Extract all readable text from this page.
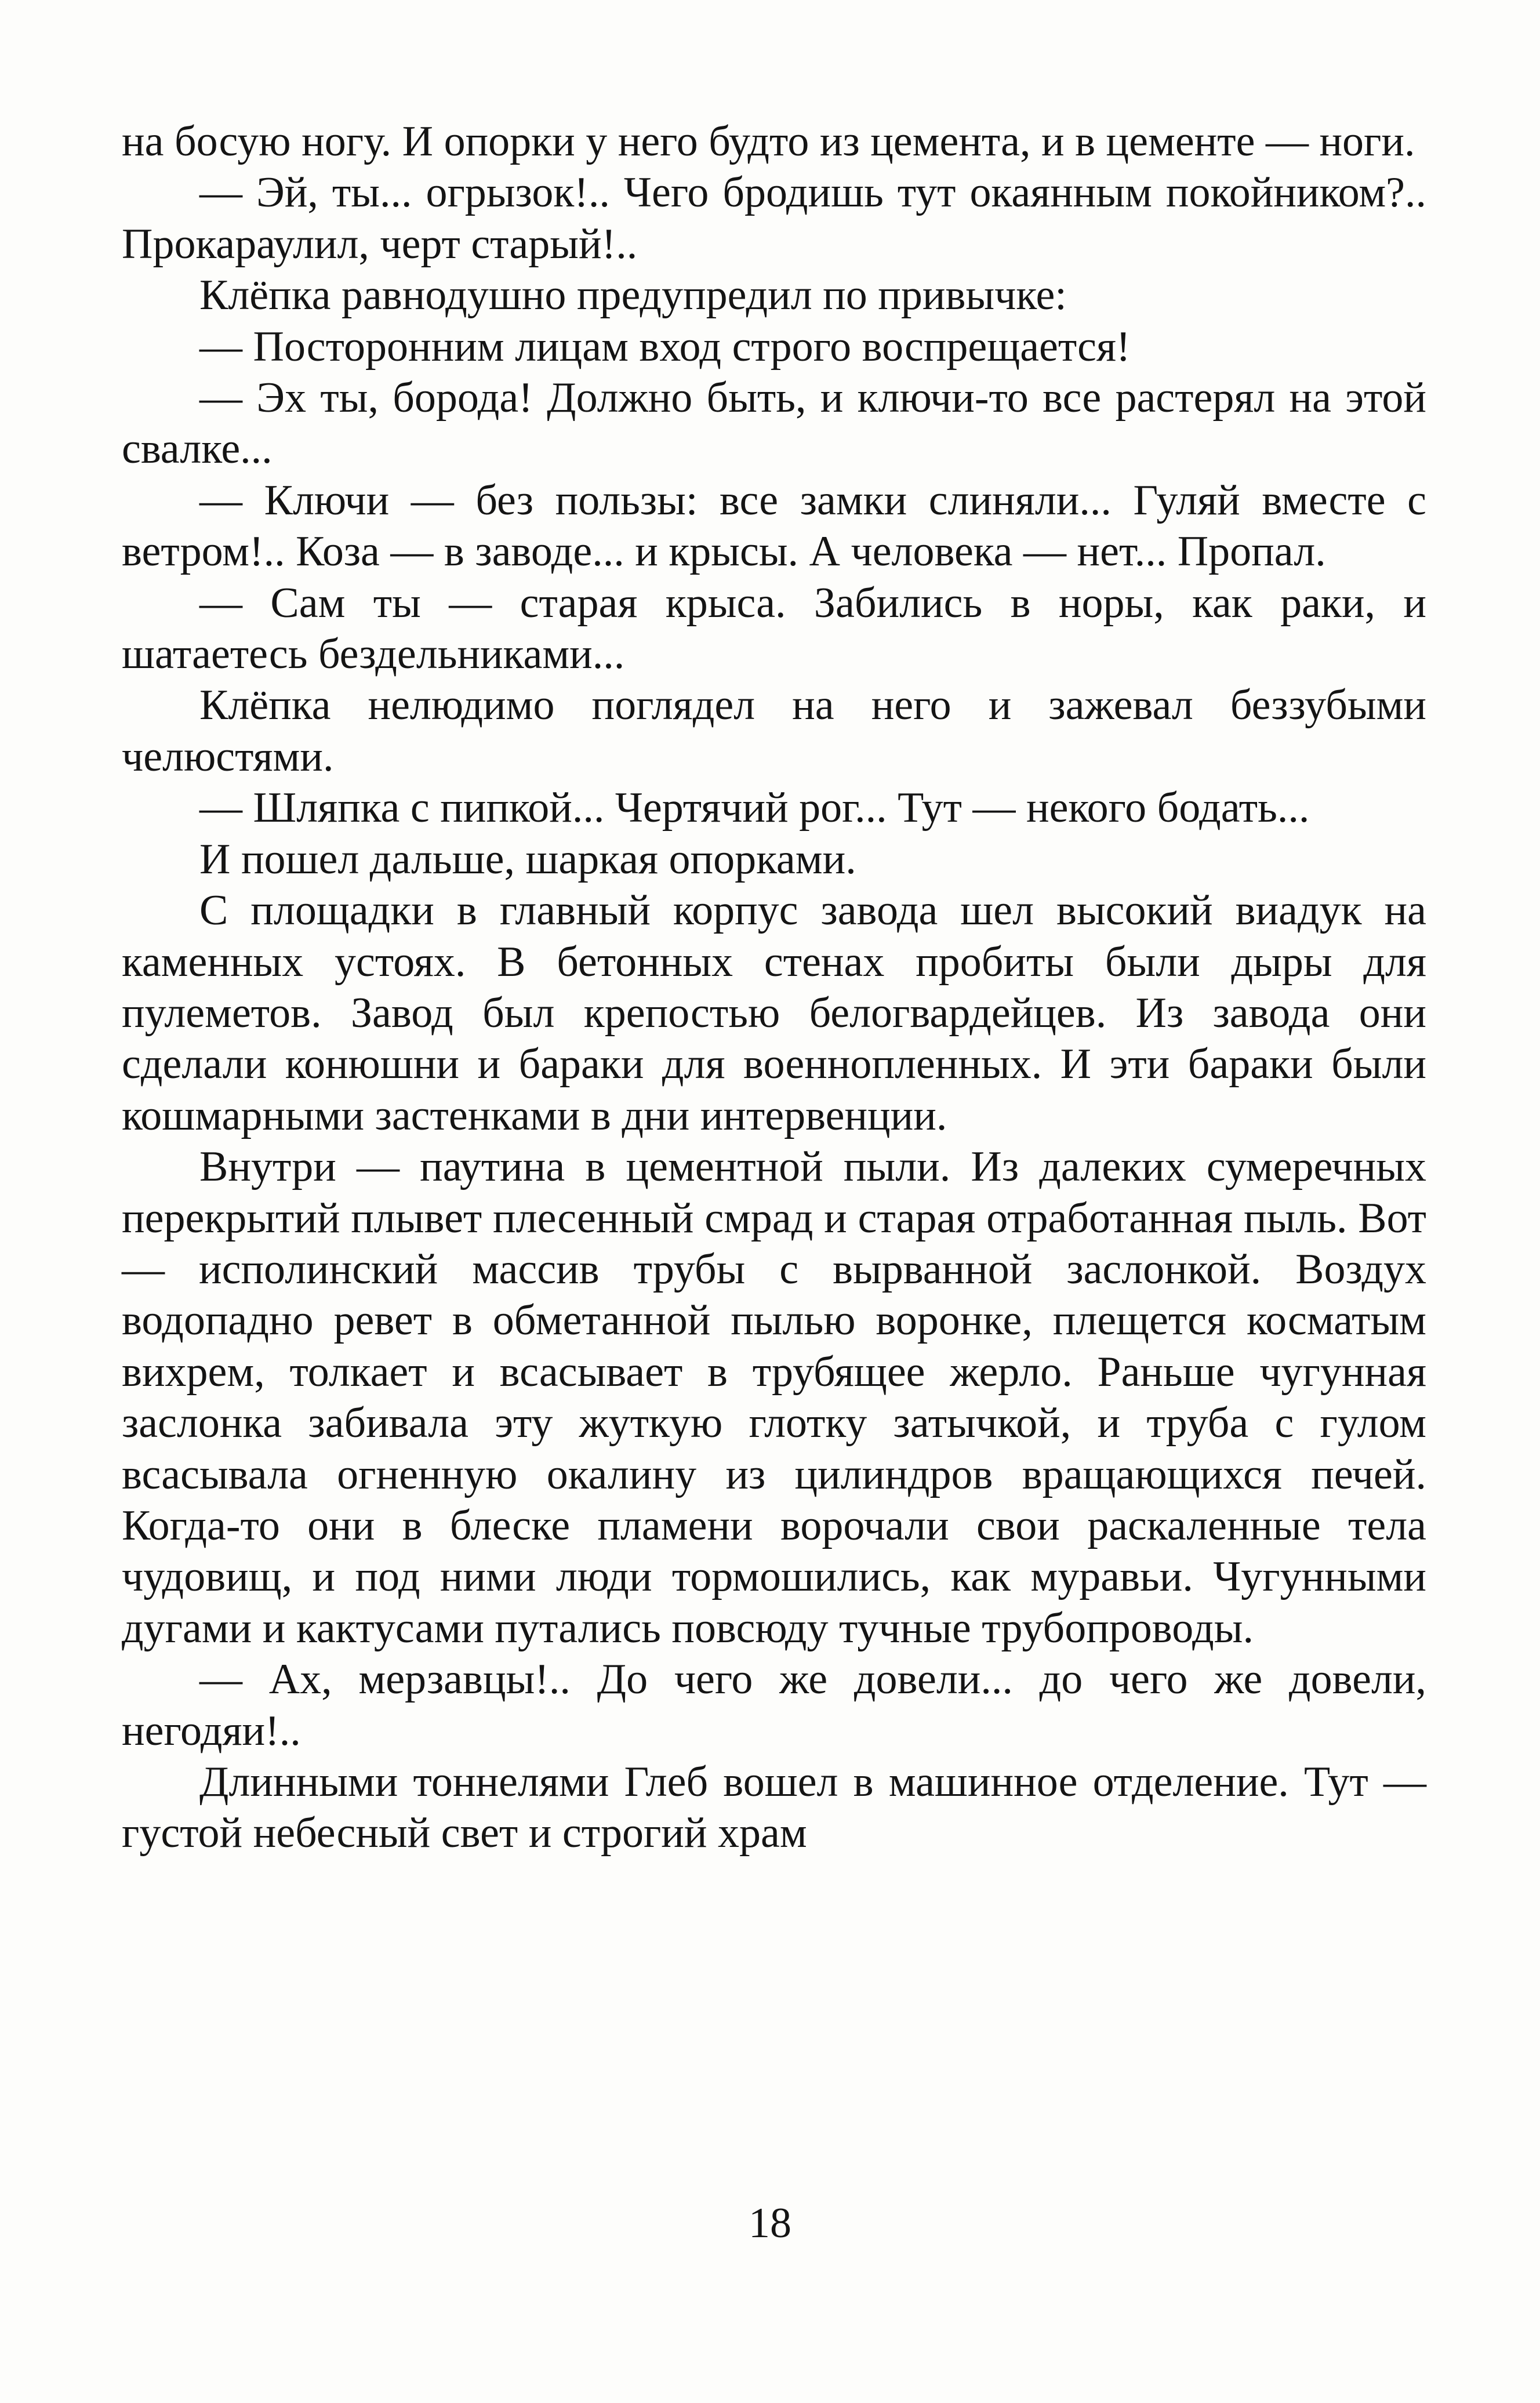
на босую ногу. И опорки у него будто из цемента, и в цементе — ноги.

— Эй, ты... огрызок!.. Чего бродишь тут окаянным покойником?.. Прокараулил, черт старый!..

Клёпка равнодушно предупредил по привычке:

— Посторонним лицам вход строго воспрещается!

— Эх ты, борода! Должно быть, и ключи-то все растерял на этой свалке...

— Ключи — без пользы: все замки слиняли... Гуляй вместе с ветром!.. Коза — в заводе... и крысы. А человека — нет... Пропал.

— Сам ты — старая крыса. Забились в норы, как раки, и шатаетесь бездельниками...

Клёпка нелюдимо поглядел на него и зажевал беззубыми челюстями.

— Шляпка с пипкой... Чертячий рог... Тут — некого бодать...

И пошел дальше, шаркая опорками.

С площадки в главный корпус завода шел высокий виадук на каменных устоях. В бетонных стенах пробиты были дыры для пулеметов. Завод был крепостью белогвардейцев. Из завода они сделали конюшни и бараки для военнопленных. И эти бараки были кошмарными застенками в дни интервенции.

Внутри — паутина в цементной пыли. Из далеких сумеречных перекрытий плывет плесенный смрад и старая отработанная пыль. Вот — исполинский массив трубы с вырванной заслонкой. Воздух водопадно ревет в обметанной пылью воронке, плещется косматым вихрем, толкает и всасывает в трубящее жерло. Раньше чугунная заслонка забивала эту жуткую глотку затычкой, и труба с гулом всасывала огненную окалину из цилиндров вращающихся печей. Когда-то они в блеске пламени ворочали свои раскаленные тела чудовищ, и под ними люди тормошились, как муравьи. Чугунными дугами и кактусами путались повсюду тучные трубопроводы.

— Ах, мерзавцы!.. До чего же довели... до чего же довели, негодяи!..

Длинными тоннелями Глеб вошел в машинное отделение. Тут — густой небесный свет и строгий храм

18
